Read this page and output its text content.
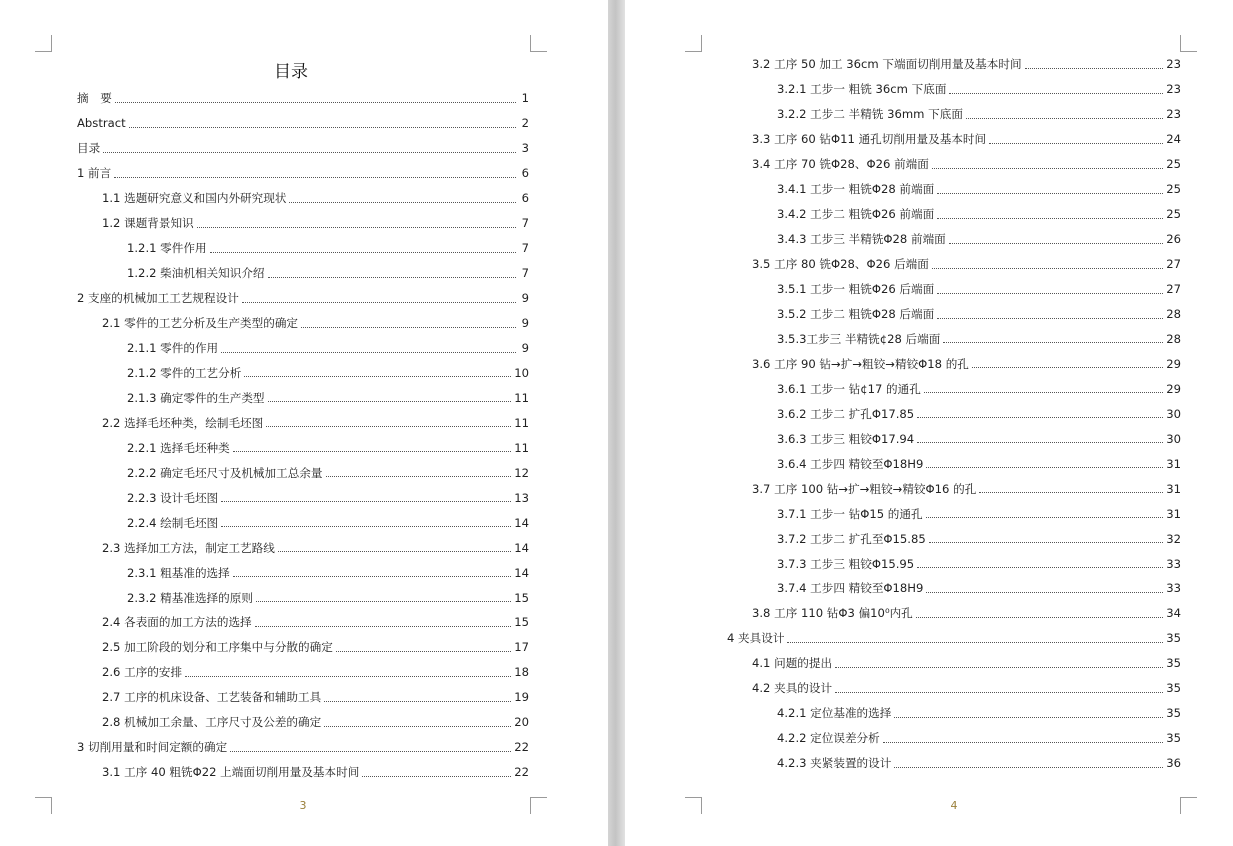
目录
摘　要	1
Abstract	2
目录	3
1 前言	6
1.1 选题研究意义和国内外研究现状	6
1.2 课题背景知识	7
1.2.1 零件作用	7
1.2.2 柴油机相关知识介绍	7
2 支座的机械加工工艺规程设计	9
2.1 零件的工艺分析及生产类型的确定	9
2.1.1 零件的作用	9
2.1.2 零件的工艺分析	10
2.1.3 确定零件的生产类型	11
2.2 选择毛坯种类，绘制毛坯图	11
2.2.1 选择毛坯种类	11
2.2.2 确定毛坯尺寸及机械加工总余量	12
2.2.3 设计毛坯图	13
2.2.4 绘制毛坯图	14
2.3 选择加工方法，制定工艺路线	14
2.3.1 粗基准的选择	14
2.3.2 精基准选择的原则	15
2.4 各表面的加工方法的选择	15
2.5 加工阶段的划分和工序集中与分散的确定	17
2.6 工序的安排	18
2.7 工序的机床设备、工艺装备和辅助工具	19
2.8 机械加工余量、工序尺寸及公差的确定	20
3 切削用量和时间定额的确定	22
3.1 工序 40 粗铣Φ22 上端面切削用量及基本时间	22
3
3.2 工序 50 加工 36cm 下端面切削用量及基本时间	23
3.2.1 工步一 粗铣 36cm 下底面	23
3.2.2 工步二 半精铣 36mm 下底面	23
3.3 工序 60 钻Φ11 通孔切削用量及基本时间	24
3.4 工序 70 铣Φ28、Φ26 前端面	25
3.4.1 工步一 粗铣Φ28 前端面	25
3.4.2 工步二 粗铣Φ26 前端面	25
3.4.3 工步三 半精铣Φ28 前端面	26
3.5 工序 80 铣Φ28、Φ26 后端面	27
3.5.1 工步一 粗铣Φ26 后端面	27
3.5.2 工步二 粗铣Φ28 后端面	28
3.5.3工步三 半精铣¢28 后端面	28
3.6 工序 90 钻→扩→粗铰→精铰Φ18 的孔	29
3.6.1 工步一 钻¢17 的通孔	29
3.6.2 工步二 扩孔Φ17.85	30
3.6.3 工步三 粗铰Φ17.94	30
3.6.4 工步四 精铰至Φ18H9	31
3.7 工序 100 钻→扩→粗铰→精铰Φ16 的孔	31
3.7.1 工步一 钻Φ15 的通孔	31
3.7.2 工步二 扩孔至Φ15.85	32
3.7.3 工步三 粗铰Φ15.95	33
3.7.4 工步四 精铰至Φ18H9	33
3.8 工序 110 钻Φ3 偏10⁰内孔	34
4 夹具设计	35
4.1 问题的提出	35
4.2 夹具的设计	35
4.2.1 定位基准的选择	35
4.2.2 定位误差分析	35
4.2.3 夹紧装置的设计	36
4
